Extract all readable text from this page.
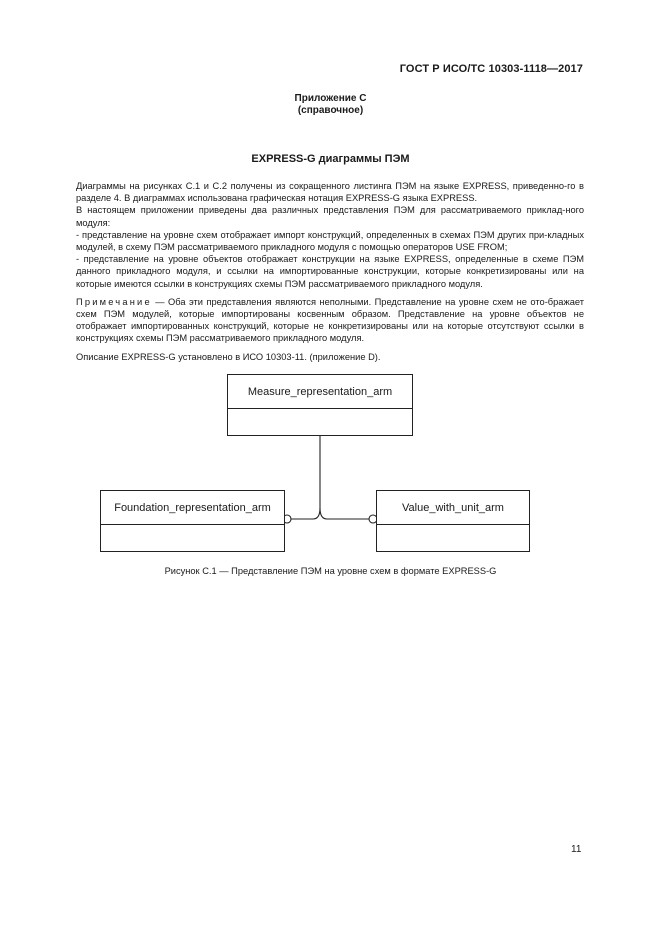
ГОСТ Р ИСО/ТС 10303-1118—2017
Приложение С
(справочное)
EXPRESS-G диаграммы ПЭМ

Диаграммы на рисунках С.1 и С.2 получены из сокращенного листинга ПЭМ на языке EXPRESS, приведенно-го в разделе 4. В диаграммах использована графическая нотация EXPRESS-G языка EXPRESS.

В настоящем приложении приведены два различных представления ПЭМ для рассматриваемого приклад-ного модуля:

- представление на уровне схем отображает импорт конструкций, определенных в схемах ПЭМ других при-кладных модулей, в схему ПЭМ рассматриваемого прикладного модуля с помощью операторов USE FROM;

- представление на уровне объектов отображает конструкции на языке EXPRESS, определенные в схеме ПЭМ данного прикладного модуля, и ссылки на импортированные конструкции, которые конкретизированы или на которые имеются ссылки в конструкциях схемы ПЭМ рассматриваемого прикладного модуля.

Примечание — Оба эти представления являются неполными. Представление на уровне схем не ото-бражает схем ПЭМ модулей, которые импортированы косвенным образом. Представление на уровне объектов не отображает импортированных конструкций, которые не конкретизированы или на которые отсутствуют ссылки в конструкциях схемы ПЭМ рассматриваемого прикладного модуля.

Описание EXPRESS-G установлено в ИСО 10303-11. (приложение D).

Measure_representation_arm
Foundation_representation_arm	Value_with_unit_arm
Рисунок С.1 — Представление ПЭМ на уровне схем в формате EXPRESS-G
11
